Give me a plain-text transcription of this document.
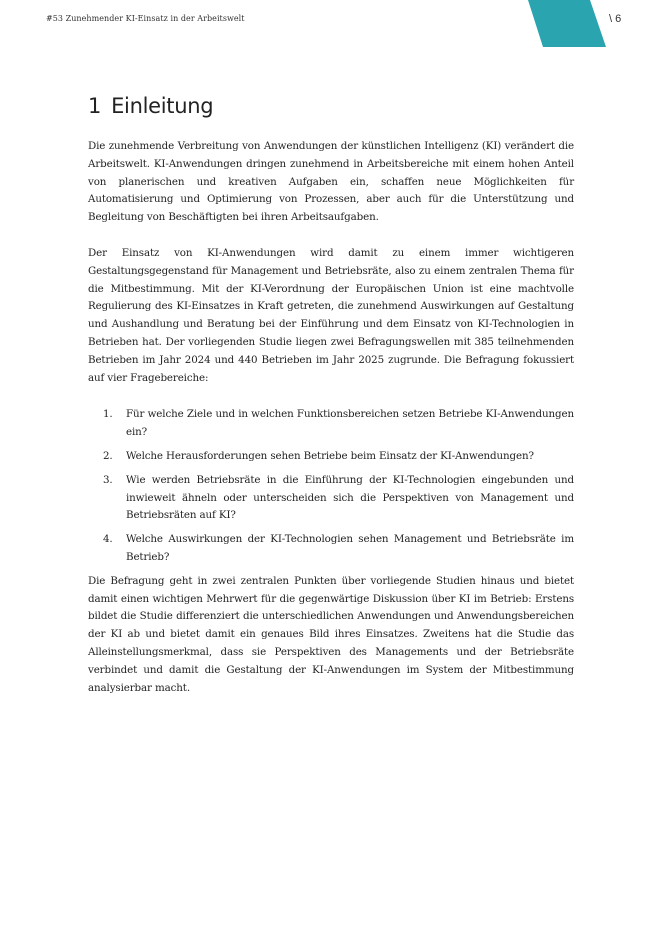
#53 Zunehmender KI-Einsatz in der Arbeitswelt	\ 6
1 Einleitung

Die zunehmende Verbreitung von Anwendungen der künstlichen Intelligenz (KI) verändert die Arbeitswelt. KI-Anwendungen dringen zunehmend in Arbeitsbereiche mit einem hohen Anteil von planerischen und kreativen Aufgaben ein, schaffen neue Möglichkeiten für Automatisierung und Optimierung von Prozessen, aber auch für die Unterstützung und Begleitung von Beschäftigten bei ihren Arbeitsaufgaben.

Der Einsatz von KI-Anwendungen wird damit zu einem immer wichtigeren Gestaltungsgegenstand für Management und Betriebsräte, also zu einem zentralen Thema für die Mitbestimmung. Mit der KI-Verordnung der Europäischen Union ist eine machtvolle Regulierung des KI-Einsatzes in Kraft getreten, die zunehmend Auswirkungen auf Gestaltung und Aushandlung und Beratung bei der Einführung und dem Einsatz von KI-Technologien in Betrieben hat. Der vorliegenden Studie liegen zwei Befragungswellen mit 385 teilnehmenden Betrieben im Jahr 2024 und 440 Betrieben im Jahr 2025 zugrunde. Die Befragung fokussiert auf vier Fragebereiche:

1. Für welche Ziele und in welchen Funktionsbereichen setzen Betriebe KI-Anwendungen ein?
2. Welche Herausforderungen sehen Betriebe beim Einsatz der KI-Anwendungen?
3. Wie werden Betriebsräte in die Einführung der KI-Technologien eingebunden und inwieweit ähneln oder unterscheiden sich die Perspektiven von Management und Betriebsräten auf KI?
4. Welche Auswirkungen der KI-Technologien sehen Management und Betriebsräte im Betrieb?

Die Befragung geht in zwei zentralen Punkten über vorliegende Studien hinaus und bietet damit einen wichtigen Mehrwert für die gegenwärtige Diskussion über KI im Betrieb: Erstens bildet die Studie differenziert die unterschiedlichen Anwendungen und Anwendungsbereichen der KI ab und bietet damit ein genaues Bild ihres Einsatzes. Zweitens hat die Studie das Alleinstellungsmerkmal, dass sie Perspektiven des Managements und der Betriebsräte verbindet und damit die Gestaltung der KI-Anwendungen im System der Mitbestimmung analysierbar macht.
